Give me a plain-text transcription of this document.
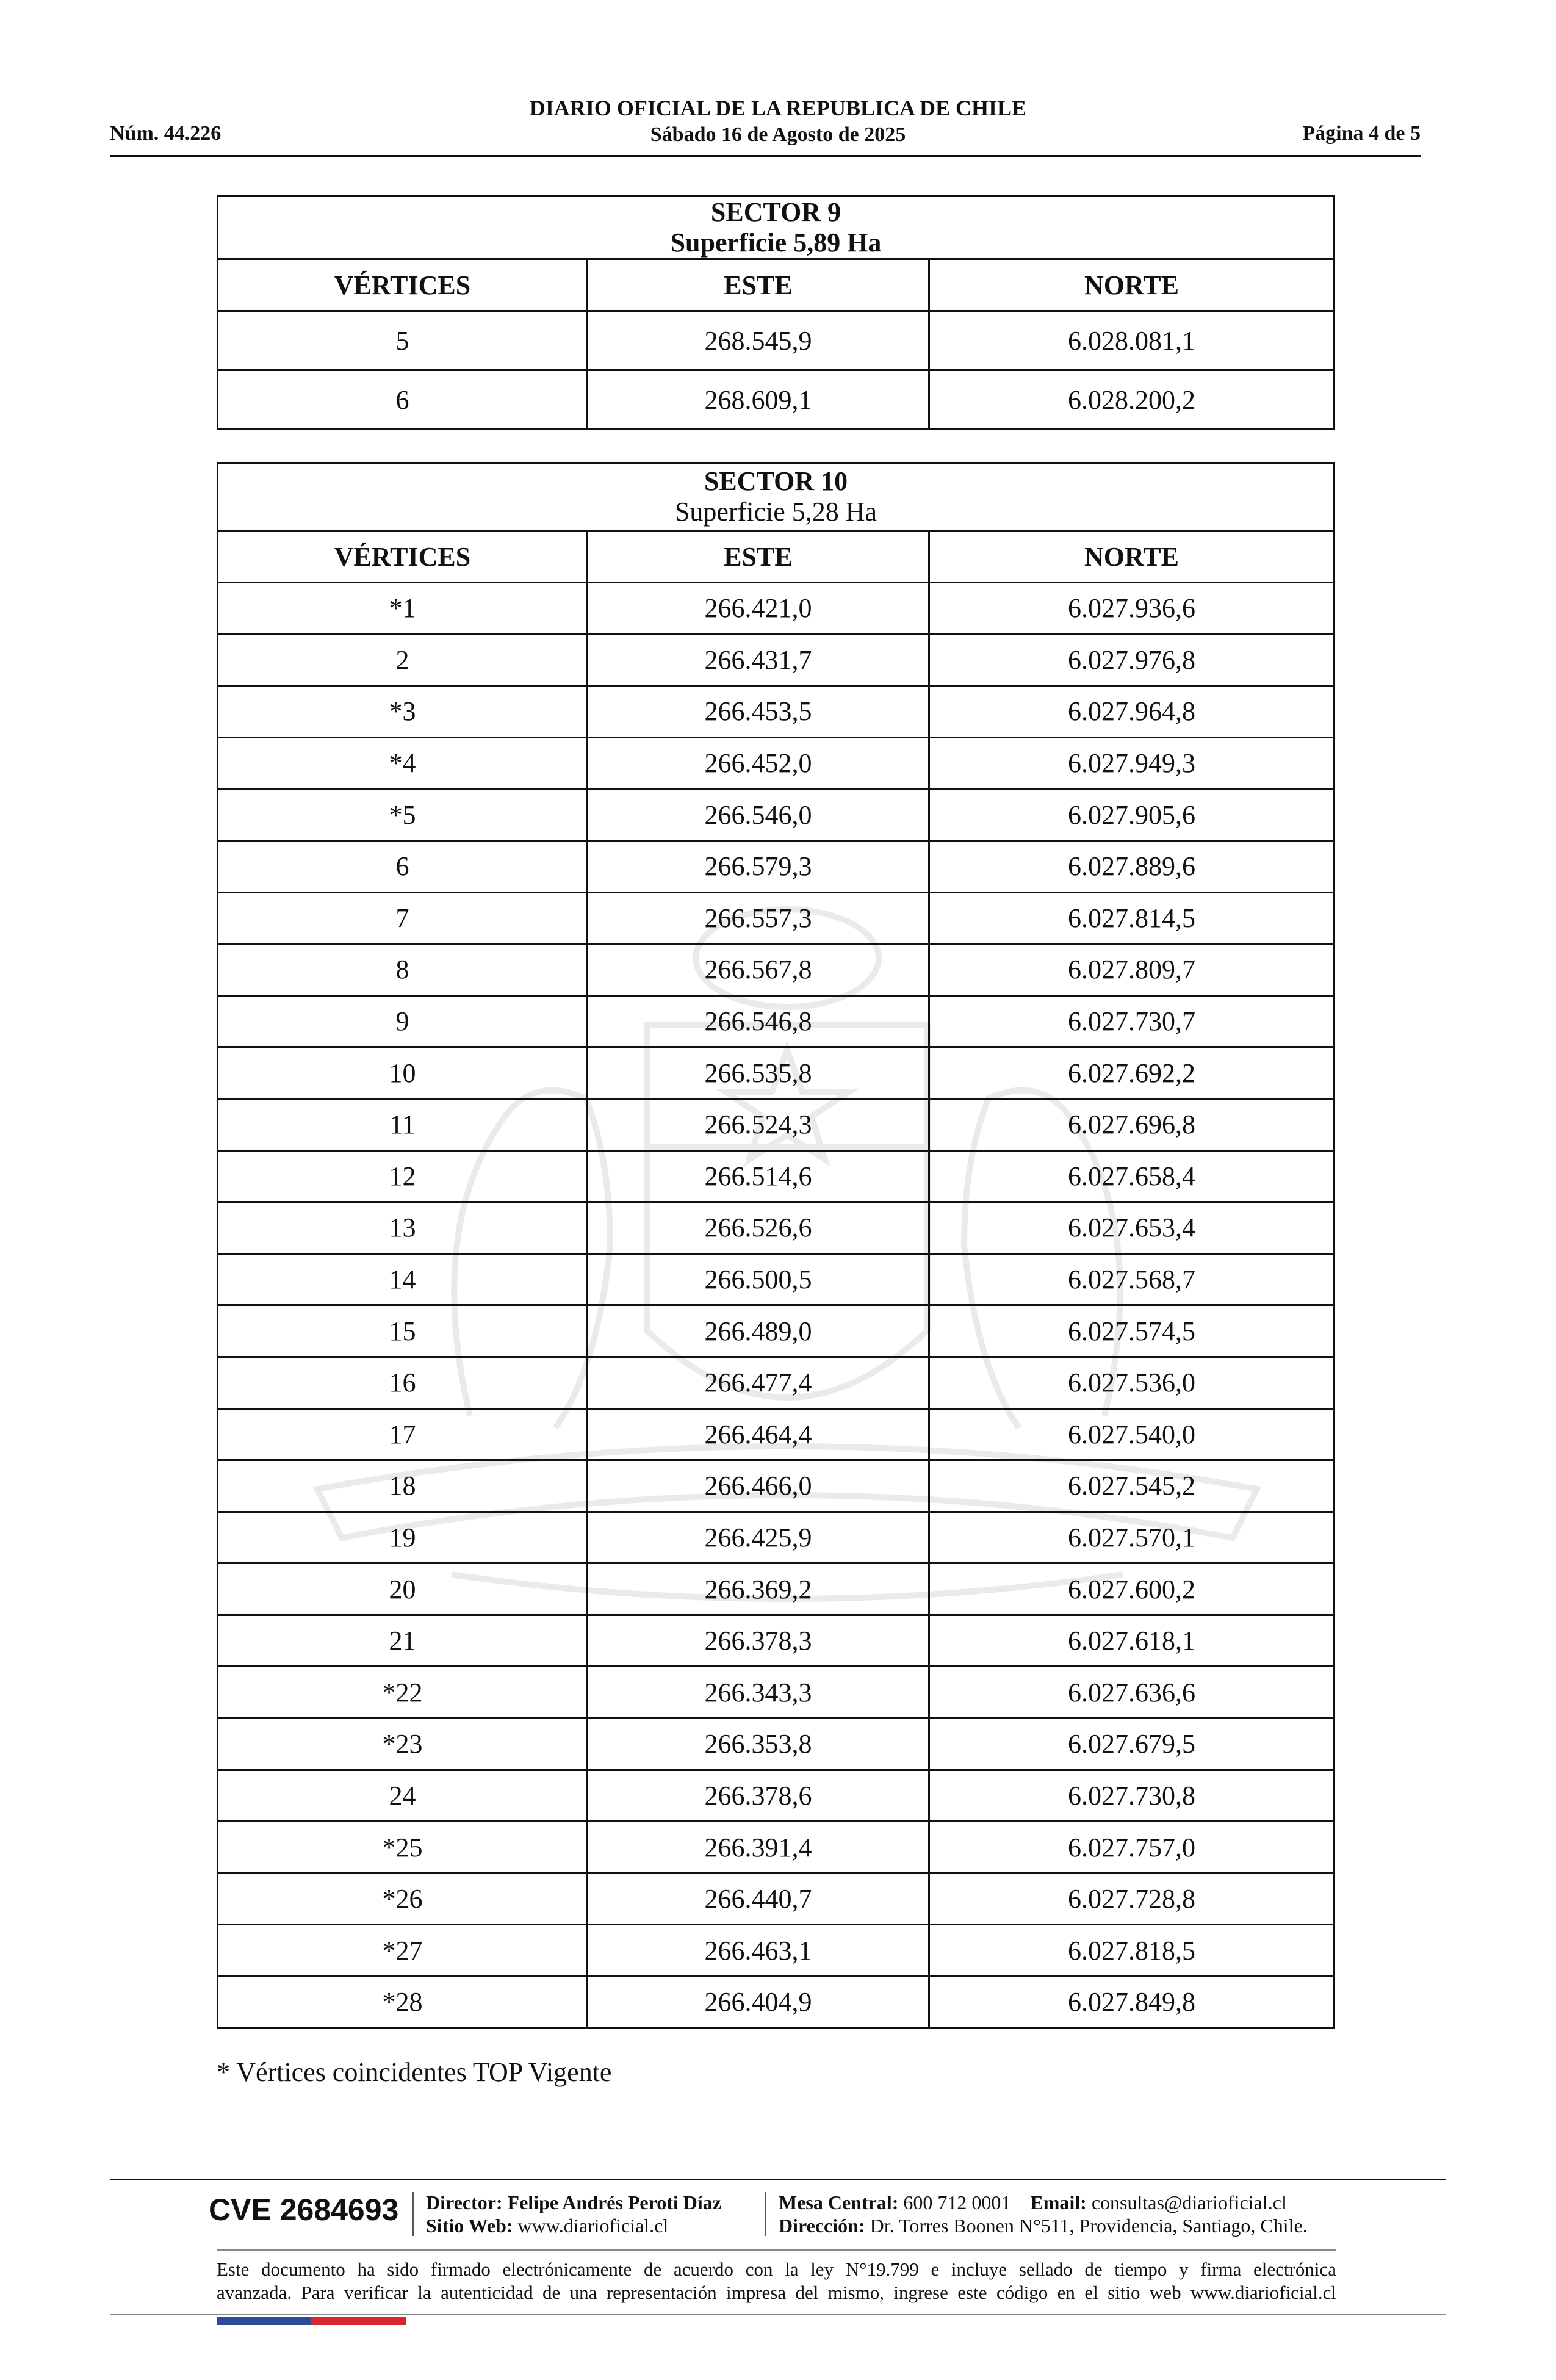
Núm. 44.226
DIARIO OFICIAL DE LA REPUBLICA DE CHILE
Sábado 16 de Agosto de 2025	Página 4 de 5
SECTOR 9
Superficie 5,89 Ha		

VÉRTICES	ESTE	NORTE
5	268.545,9	6.028.081,1
6	268.609,1	6.028.200,2
SECTOR 10
Superficie 5,28 Ha		

VÉRTICES	ESTE	NORTE
*1	266.421,0	6.027.936,6
2	266.431,7	6.027.976,8
*3	266.453,5	6.027.964,8
*4	266.452,0	6.027.949,3
*5	266.546,0	6.027.905,6
6	266.579,3	6.027.889,6
7	266.557,3	6.027.814,5
8	266.567,8	6.027.809,7
9	266.546,8	6.027.730,7
10	266.535,8	6.027.692,2
11	266.524,3	6.027.696,8
12	266.514,6	6.027.658,4
13	266.526,6	6.027.653,4
14	266.500,5	6.027.568,7
15	266.489,0	6.027.574,5
16	266.477,4	6.027.536,0
17	266.464,4	6.027.540,0
18	266.466,0	6.027.545,2
19	266.425,9	6.027.570,1
20	266.369,2	6.027.600,2
21	266.378,3	6.027.618,1
*22	266.343,3	6.027.636,6
*23	266.353,8	6.027.679,5
24	266.378,6	6.027.730,8
*25	266.391,4	6.027.757,0
*26	266.440,7	6.027.728,8
*27	266.463,1	6.027.818,5
*28	266.404,9	6.027.849,8
* Vértices coincidentes TOP Vigente
CVE 2684693 Director: Felipe Andrés Peroti Díaz
Sitio Web: www.diarioficial.cl
Mesa Central: 600 712 0001 Email: consultas@diarioficial.cl
Dirección: Dr. Torres Boonen N°511, Providencia, Santiago, Chile.
Este documento ha sido firmado electrónicamente de acuerdo con la ley N°19.799 e incluye sellado de tiempo y firma electrónica
avanzada. Para verificar la autenticidad de una representación impresa del mismo, ingrese este código en el sitio web www.diarioficial.cl
